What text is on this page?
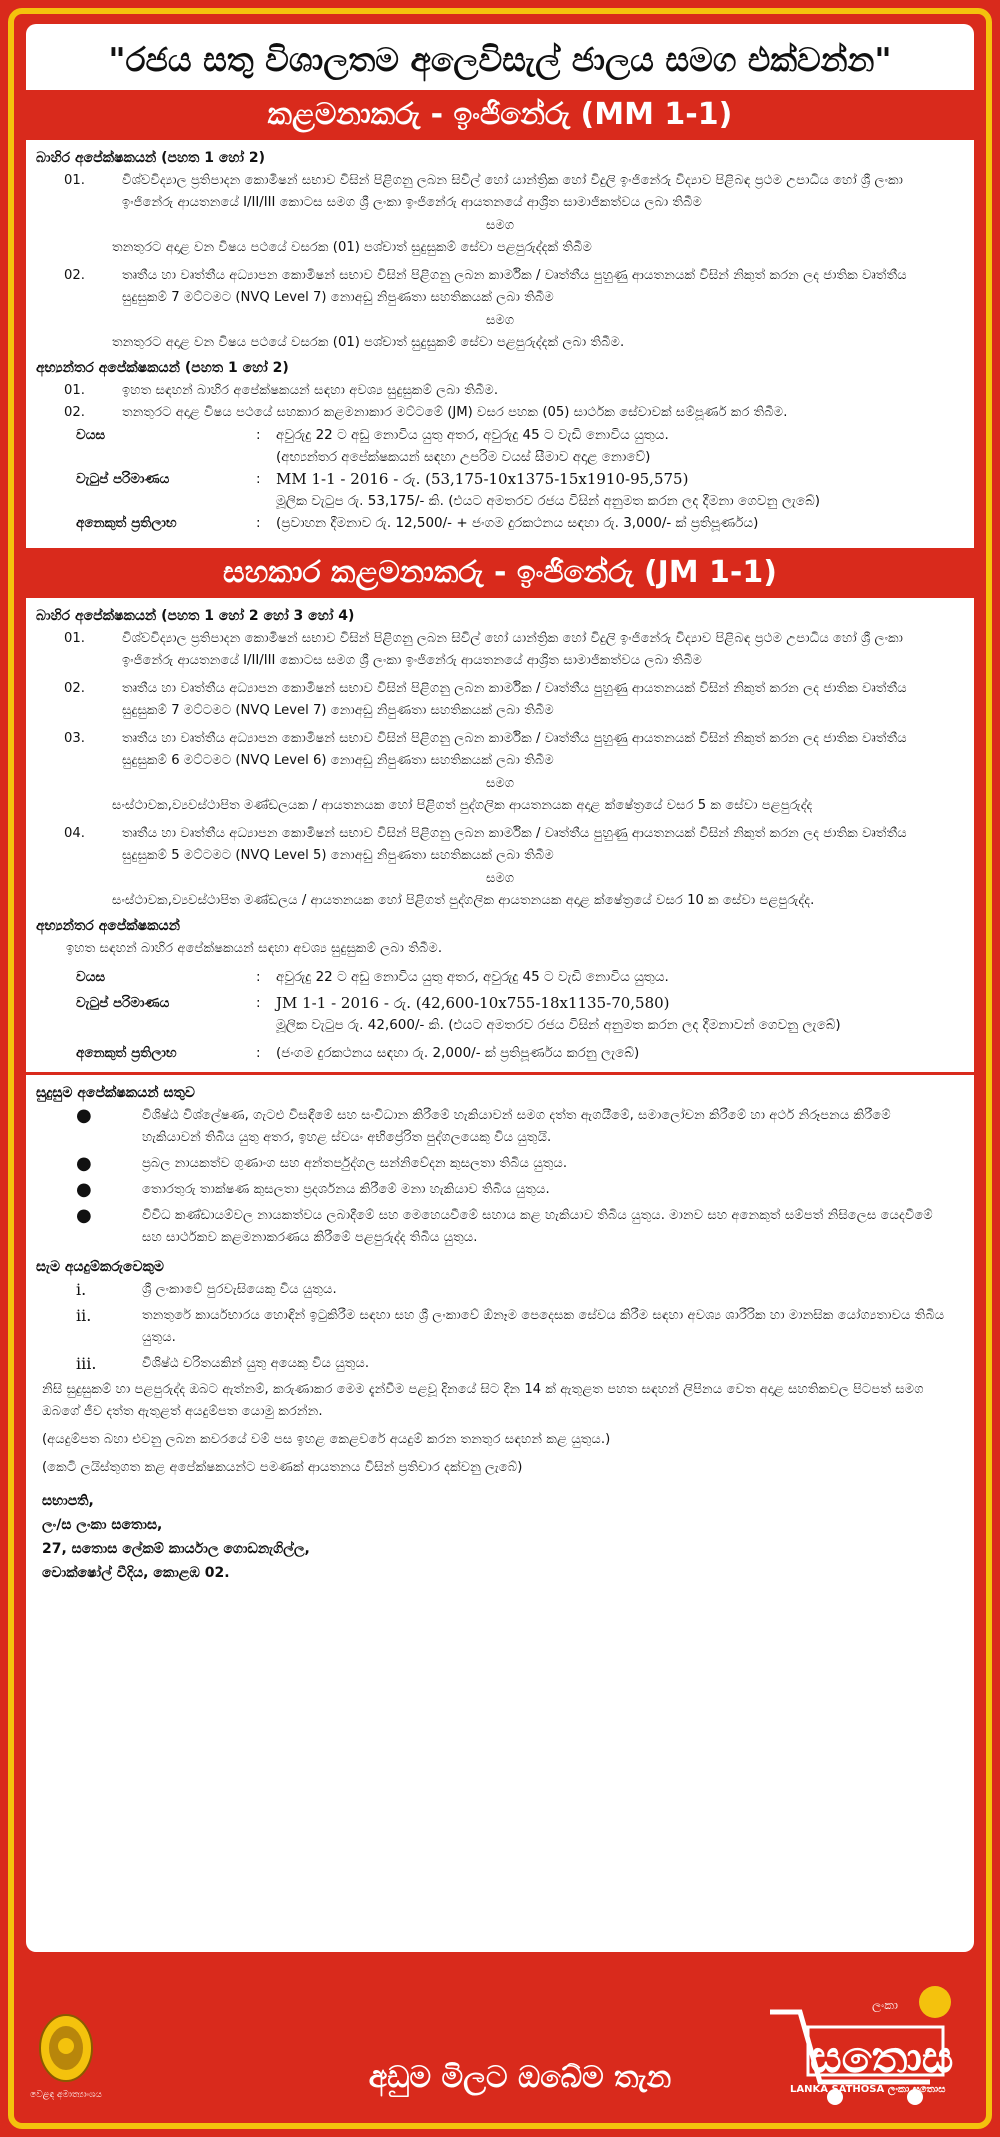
"රජය සතු විශාලතම අලෙවිසැල් ජාලය සමග එක්වන්න"
කළමනාකරු - ඉංජිනේරු (MM 1-1)
බාහිර අපේක්ෂකයන් (පහත 1 හෝ 2)
01.	විශ්වවිද්‍යාල ප්‍රතිපාදන කොමිෂන් සභාව විසින් පිළිගනු ලබන සිවිල් හෝ යාන්ත්‍රික හෝ විදුලි ඉංජිනේරු විද්‍යාව පිළිබඳ ප්‍රථම උපාධිය හෝ ශ්‍රී ලංකා ඉංජිනේරු ආයතනයේ I/II/III කොටස සමග ශ්‍රී ලංකා ඉංජිනේරු ආයතනයේ ආශ්‍රිත සාමාජිකත්වය ලබා තිබීම
සමග
තනතුරට අදාළ වන විෂය පථයේ වසරක (01) පශ්චාත් සුදුසුකම් සේවා පළපුරුද්දක් තිබීම
02.	තෘතීය හා වෘත්තීය අධ්‍යාපන කොමිෂන් සභාව විසින් පිළිගනු ලබන කාර්මික / වෘත්තීය පුහුණු ආයතනයක් විසින් නිකුත් කරන ලද ජාතික වෘත්තීය සුදුසුකම් 7 මට්ටමට (NVQ Level 7) නොඅඩු නිපුණතා සහතිකයක් ලබා තිබීම
සමග
තනතුරට අදාළ වන විෂය පථයේ වසරක (01) පශ්චාත් සුදුසුකම් සේවා පළපුරුද්දක් ලබා තිබීම.
අභ්‍යන්තර අපේක්ෂකයන් (පහත 1 හෝ 2)
01.	ඉහත සඳහන් බාහිර අපේක්ෂකයන් සඳහා අවශ්‍ය සුදුසුකම් ලබා තිබීම.
02.	තනතුරට අදාළ විෂය පථයේ සහකාර කළමනාකාර මට්ටමේ (JM) වසර පහක (05) සාර්ථක සේවාවක් සම්පූර්ණ කර තිබීම.
වයස	:	අවුරුදු 22 ට අඩු නොවිය යුතු අතර, අවුරුදු 45 ට වැඩි නොවිය යුතුය.
(අභ්‍යන්තර අපේක්ෂකයන් සඳහා උපරිම වයස් සීමාව අදාළ නොවේ)
වැටුප් පරිමාණය	:	MM 1-1 - 2016 - රු. (53,175-10x1375-15x1910-95,575)
මූලික වැටුප රු. 53,175/- කි. (එයට අමතරව රජය විසින් අනුමත කරන ලද දීමනා ගෙවනු ලැබේ)
අනෙකුත් ප්‍රතිලාභ	:	(ප්‍රවාහන දීමනාව රු. 12,500/- + ජංගම දුරකථනය සඳහා රු. 3,000/- ක් ප්‍රතිපූර්ණය)
සහකාර කළමනාකරු - ඉංජිනේරු (JM 1-1)
බාහිර අපේක්ෂකයන් (පහත 1 හෝ 2 හෝ 3 හෝ 4)
01.	විශ්වවිද්‍යාල ප්‍රතිපාදන කොමිෂන් සභාව විසින් පිළිගනු ලබන සිවිල් හෝ යාන්ත්‍රික හෝ විදුලි ඉංජිනේරු විද්‍යාව පිළිබඳ ප්‍රථම උපාධිය හෝ ශ්‍රී ලංකා ඉංජිනේරු ආයතනයේ I/II/III කොටස සමග ශ්‍රී ලංකා ඉංජිනේරු ආයතනයේ ආශ්‍රිත සාමාජිකත්වය ලබා තිබීම
02.	තෘතීය හා වෘත්තීය අධ්‍යාපන කොමිෂන් සභාව විසින් පිළිගනු ලබන කාර්මික / වෘත්තීය පුහුණු ආයතනයක් විසින් නිකුත් කරන ලද ජාතික වෘත්තීය සුදුසුකම් 7 මට්ටමට (NVQ Level 7) නොඅඩු නිපුණතා සහතිකයක් ලබා තිබීම
03.	තෘතීය හා වෘත්තීය අධ්‍යාපන කොමිෂන් සභාව විසින් පිළිගනු ලබන කාර්මික / වෘත්තීය පුහුණු ආයතනයක් විසින් නිකුත් කරන ලද ජාතික වෘත්තීය සුදුසුකම් 6 මට්ටමට (NVQ Level 6) නොඅඩු නිපුණතා සහතිකයක් ලබා තිබීම
සමග
සංස්ථාවක,ව්‍යවස්ථාපිත මණ්ඩලයක / ආයතනයක හෝ පිළිගත් පුද්ගලික ආයතනයක අදාළ ක්ෂේත්‍රයේ වසර 5 ක සේවා පළපුරුද්ද
04.	තෘතීය හා වෘත්තීය අධ්‍යාපන කොමිෂන් සභාව විසින් පිළිගනු ලබන කාර්මික / වෘත්තීය පුහුණු ආයතනයක් විසින් නිකුත් කරන ලද ජාතික වෘත්තීය සුදුසුකම් 5 මට්ටමට (NVQ Level 5) නොඅඩු නිපුණතා සහතිකයක් ලබා තිබීම
සමග
සංස්ථාවක,ව්‍යවස්ථාපිත මණ්ඩලය / ආයතනයක හෝ පිළිගත් පුද්ගලික ආයතනයක අදාළ ක්ෂේත්‍රයේ වසර 10 ක සේවා පළපුරුද්ද.
අභ්‍යන්තර අපේක්ෂකයන්
ඉහත සඳහන් බාහිර අපේක්ෂකයන් සඳහා අවශ්‍ය සුදුසුකම් ලබා තිබීම.
වයස	:	අවුරුදු 22 ට අඩු නොවිය යුතු අතර, අවුරුදු 45 ට වැඩි නොවිය යුතුය.
වැටුප් පරිමාණය	:	JM 1-1 - 2016 - රු. (42,600-10x755-18x1135-70,580)
මූලික වැටුප රු. 42,600/- කි. (එයට අමතරව රජය විසින් අනුමත කරන ලද දීමනාවන් ගෙවනු ලැබේ)
අනෙකුත් ප්‍රතිලාභ	:	(ජංගම දුරකථනය සඳහා රු. 2,000/- ක් ප්‍රතිපූර්ණය කරනු ලැබේ)
සුදුසුම අපේක්ෂකයන් සතුව
●	විශිෂ්ඨ විශ්ලේෂණ, ගැටළු විසඳීමේ සහ සංවිධාන කිරීමේ හැකියාවන් සමග දත්ත ඇගයීමේ, සමාලෝචන කිරීමේ හා අර්ථ නිරූපනය කිරීමේ හැකියාවන් තිබිය යුතු අතර, ඉහළ ස්වයං අභිප්‍රේරිත පුද්ගලයෙකු විය යුතුයි.
●	ප්‍රබල නායකත්ව ගුණාංග සහ අන්තර්පුද්ගල සන්නිවේදන කුසලතා තිබිය යුතුය.
●	තොරතුරු තාක්ෂණ කුසලතා ප්‍රදර්ශනය කිරීමේ මනා හැකියාව තිබිය යුතුය.
●	විවිධ කණ්ඩායම්වල නායකත්වය ලබාදීමේ සහ මෙහෙයවීමේ සහාය කළ හැකියාව තිබිය යුතුය. මානව සහ අනෙකුත් සම්පත් නිසිලෙස යෙදවීමේ සහ සාර්ථකව කළමනාකරණය කිරීමේ පළපුරුද්ද තිබිය යුතුය.
සැම අයදුම්කරුවෙකුම
i.	ශ්‍රී ලංකාවේ පුරවැසියෙකු විය යුතුය.
ii.	තනතුරේ කාර්යභාරය හොඳින් ඉටුකිරීම සඳහා සහ ශ්‍රී ලංකාවේ ඕනෑම පෙදෙසක සේවය කිරීම සඳහා අවශ්‍ය ශාරීරික හා මානසික යෝග්‍යතාවය තිබිය යුතුය.
iii.	විශිෂ්ඨ චරිතයකින් යුතු අයෙකු විය යුතුය.
නිසි සුදුසුකම් හා පළපුරුද්ද ඔබට ඇත්නම්, කරුණාකර මෙම දැන්වීම පළවූ දිනයේ සිට දින 14 ක් ඇතුළත පහත සඳහන් ලිපිනය වෙත අදාළ සහතිකවල පිටපත් සමග ඔබගේ ජීව දත්ත ඇතුළත් අයදුම්පත යොමු කරන්න.
(අයදුම්පත බහා එවනු ලබන කවරයේ වම් පස ඉහළ කෙළවරේ අයදුම් කරන තනතුර සඳහන් කළ යුතුය.)
(කෙටි ලයිස්තුගත කළ අපේක්ෂකයන්ට පමණක් ආයතනය විසින් ප්‍රතිචාර දක්වනු ලැබේ)
සභාපති,
ලං/ස ලංකා සතොස,
27, සතොස ලේකම් කාර්යාල ගොඩනැගිල්ල,
වොක්ෂෝල් වීදිය, කොළඹ 02.
වෙළඳ අමාත්‍යාංශය	අඩුම මිලට ඔබේම තැන
ලංකා
සතොස
LANKA SATHOSA ලංකා සතොස
